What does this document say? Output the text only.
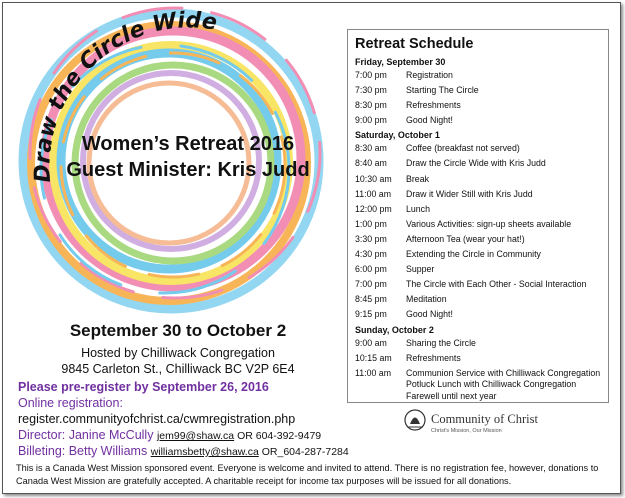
Draw the Circle Wide
Women’s Retreat 2016
Guest Minister: Kris Judd
September 30 to October 2
Hosted by Chilliwack Congregation
9845 Carleton St., Chilliwack BC V2P 6E4
Please pre-register by September 26, 2016
Online registration:
register.communityofchrist.ca/cwmregistration.php
Director: Janine McCully jem99@shaw.ca OR 604-392-9479
Billeting: Betty Williams williamsbetty@shaw.ca OR_604-287-7284
This is a Canada West Mission sponsored event. Everyone is welcome and invited to attend. There is no registration fee, however, donations to Canada West Mission are gratefully accepted. A charitable receipt for income tax purposes will be issued for all donations.
Retreat Schedule
Friday, September 30
7:00 pm	Registration
7:30 pm	Starting The Circle
8:30 pm	Refreshments
9:00 pm	Good Night!
Saturday, October 1
8:30 am	Coffee (breakfast not served)
8:40 am	Draw the Circle Wide with Kris Judd
10:30 am	Break
11:00 am	Draw it Wider Still with Kris Judd
12:00 pm	Lunch
1:00 pm	Various Activities: sign-up sheets available
3:30 pm	Afternoon Tea (wear your hat!)
4:30 pm	Extending the Circle in Community
6:00 pm	Supper
7:00 pm	The Circle with Each Other - Social Interaction
8:45 pm	Meditation
9:15 pm	Good Night!
Sunday, October 2
9:00 am	Sharing the Circle
10:15 am	Refreshments
11:00 am	Communion Service with Chilliwack Congregation
Potluck Lunch with Chilliwack Congregation
Farewell until next year
Community of Christ
Christ's Mission, Our Mission
